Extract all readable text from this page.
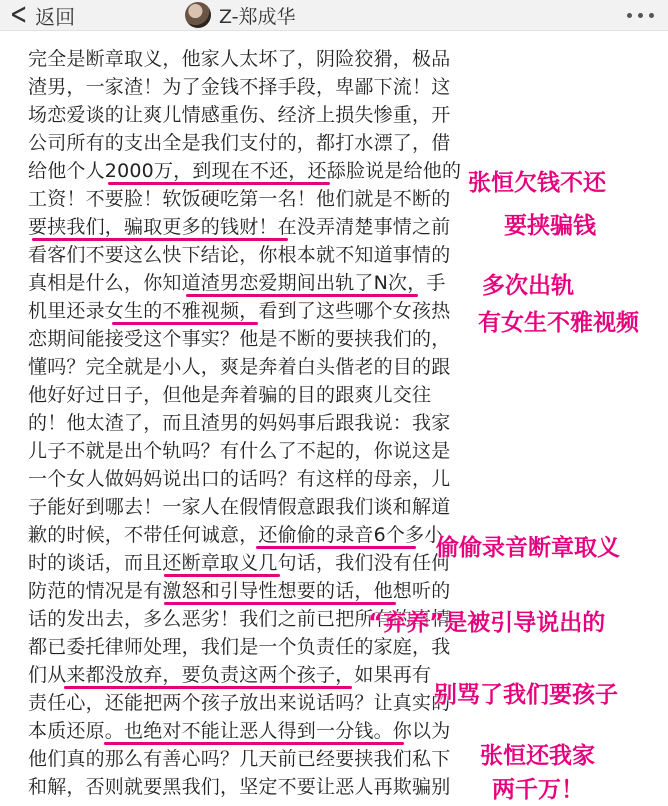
< 返回	Z-郑成华
完全是断章取义，他家人太坏了，阴险狡猾，极品
渣男，一家渣！为了金钱不择手段，卑鄙下流！这
场恋爱谈的让爽儿情感重伤、经济上损失惨重，开
公司所有的支出全是我们支付的，都打水漂了，借
给他个人2000万，到现在不还，还舔脸说是给他的
工资！不要脸！软饭硬吃第一名！他们就是不断的
要挟我们，骗取更多的钱财！在没弄清楚事情之前
看客们不要这么快下结论，你根本就不知道事情的
真相是什么，你知道渣男恋爱期间出轨了N次，手
机里还录女生的不雅视频，看到了这些哪个女孩热
恋期间能接受这个事实？他是不断的要挟我们的，
懂吗？完全就是小人，爽是奔着白头偕老的目的跟
他好好过日子，但他是奔着骗的目的跟爽儿交往
的！他太渣了，而且渣男的妈妈事后跟我说：我家
儿子不就是出个轨吗？有什么了不起的，你说这是
一个女人做妈妈说出口的话吗？有这样的母亲，儿
子能好到哪去！一家人在假情假意跟我们谈和解道
歉的时候，不带任何诚意，还偷偷的录音6个多小
时的谈话，而且还断章取义几句话，我们没有任何
防范的情况是有激怒和引导性想要的话，他想听的
话的发出去，多么恶劣！我们之前已把所有的事情
都已委托律师处理，我们是一个负责任的家庭，我
们从来都没放弃，要负责这两个孩子，如果再有
责任心，还能把两个孩子放出来说话吗？让真实的
本质还原。也绝对不能让恶人得到一分钱。你以为
他们真的那么有善心吗？几天前已经要挟我们私下
和解，否则就要黑我们，坚定不要让恶人再欺骗别
张恒欠钱不还
要挟骗钱
多次出轨
有女生不雅视频
偷偷录音断章取义
“弃养”是被引导说出的
别骂了我们要孩子
张恒还我家
两千万！
